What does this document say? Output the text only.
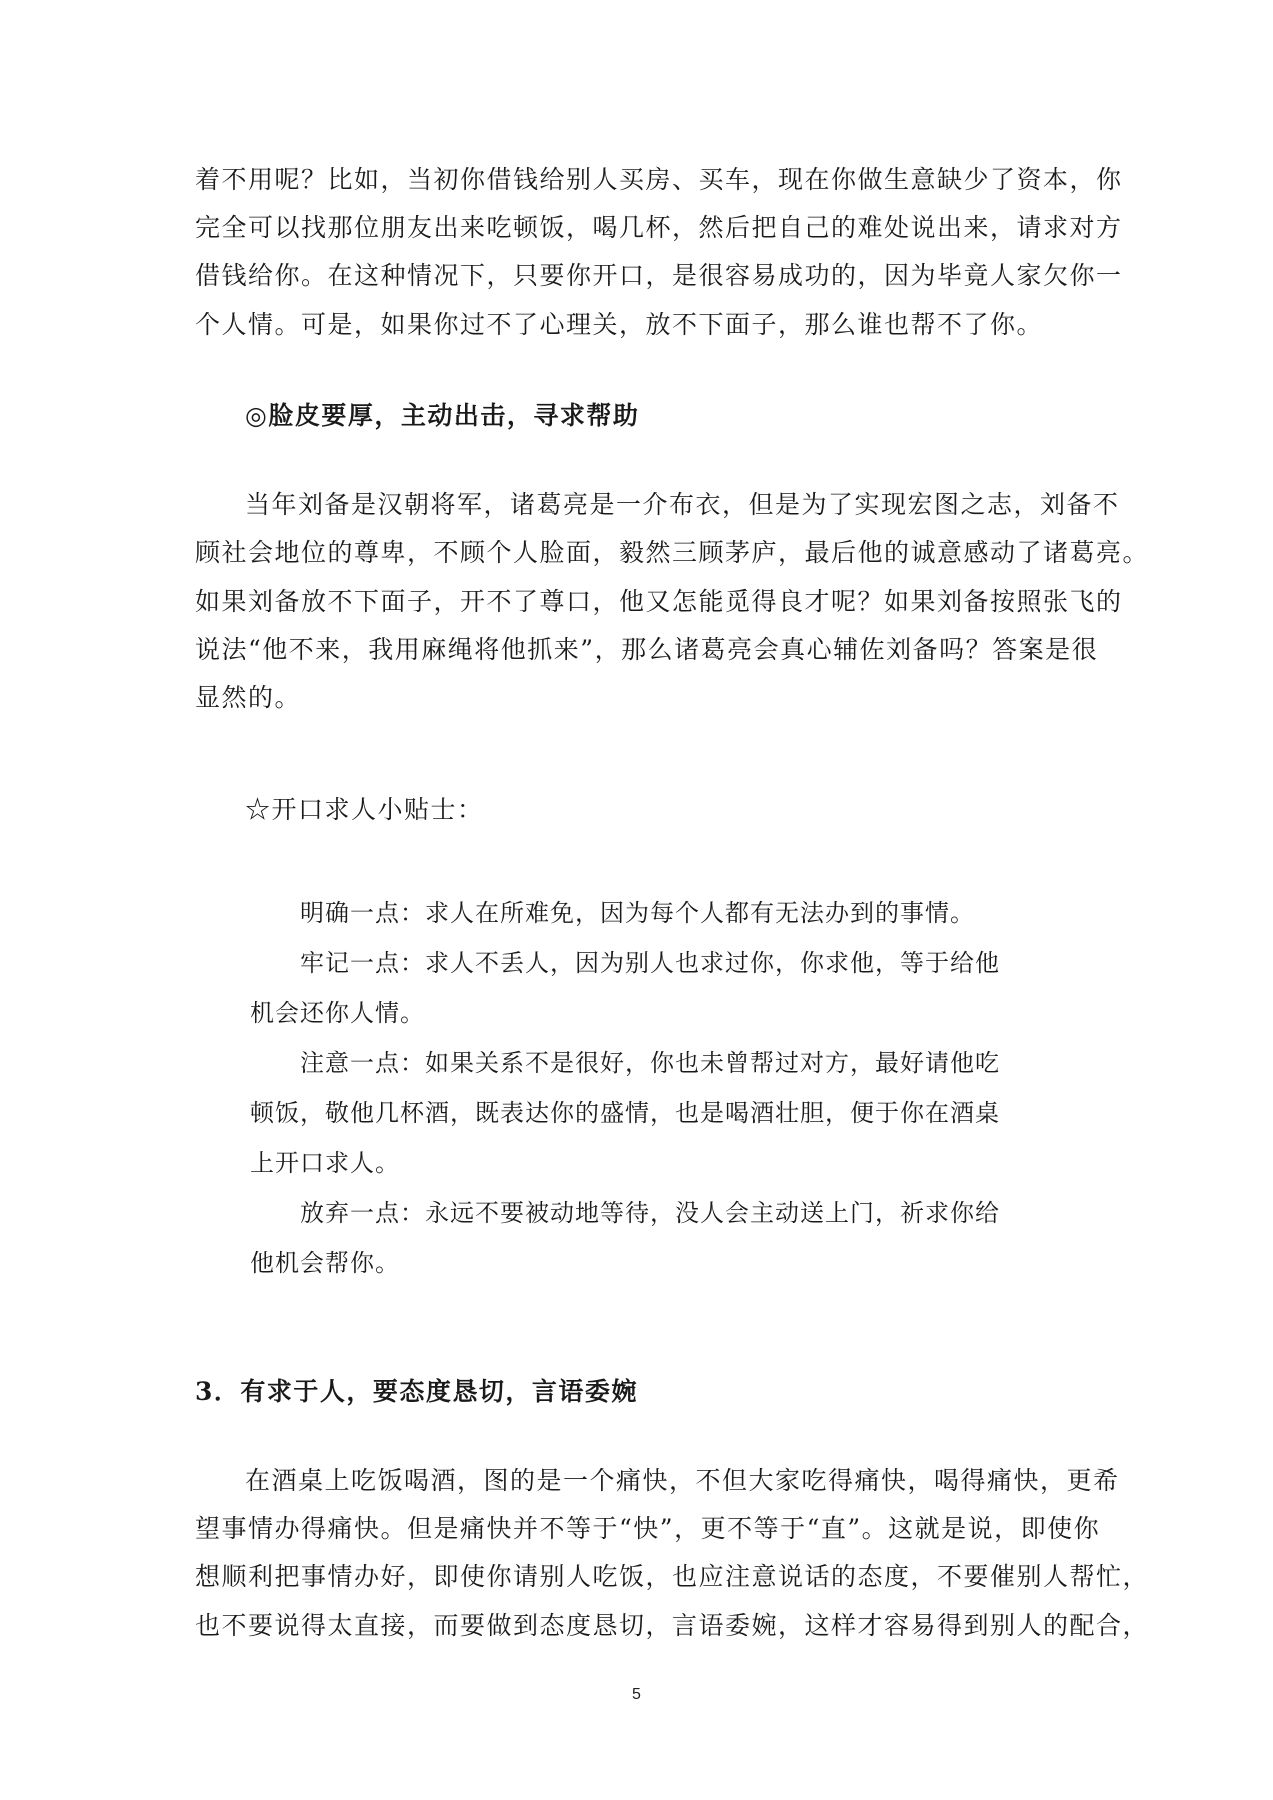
着不用呢？比如，当初你借钱给别人买房、买车，现在你做生意缺少了资本，你
完全可以找那位朋友出来吃顿饭，喝几杯，然后把自己的难处说出来，请求对方
借钱给你。在这种情况下，只要你开口，是很容易成功的，因为毕竟人家欠你一
个人情。可是，如果你过不了心理关，放不下面子，那么谁也帮不了你。
◎脸皮要厚，主动出击，寻求帮助
当年刘备是汉朝将军，诸葛亮是一介布衣，但是为了实现宏图之志，刘备不
顾社会地位的尊卑，不顾个人脸面，毅然三顾茅庐，最后他的诚意感动了诸葛亮。
如果刘备放不下面子，开不了尊口，他又怎能觅得良才呢？如果刘备按照张飞的
说法“他不来，我用麻绳将他抓来”，那么诸葛亮会真心辅佐刘备吗？答案是很
显然的。
☆开口求人小贴士：
明确一点：求人在所难免，因为每个人都有无法办到的事情。
牢记一点：求人不丢人，因为别人也求过你，你求他，等于给他
机会还你人情。
注意一点：如果关系不是很好，你也未曾帮过对方，最好请他吃
顿饭，敬他几杯酒，既表达你的盛情，也是喝酒壮胆，便于你在酒桌
上开口求人。
放弃一点：永远不要被动地等待，没人会主动送上门，祈求你给
他机会帮你。
3．有求于人，要态度恳切，言语委婉
在酒桌上吃饭喝酒，图的是一个痛快，不但大家吃得痛快，喝得痛快，更希
望事情办得痛快。但是痛快并不等于“快”，更不等于“直”。这就是说，即使你
想顺利把事情办好，即使你请别人吃饭，也应注意说话的态度，不要催别人帮忙，
也不要说得太直接，而要做到态度恳切，言语委婉，这样才容易得到别人的配合，
5
